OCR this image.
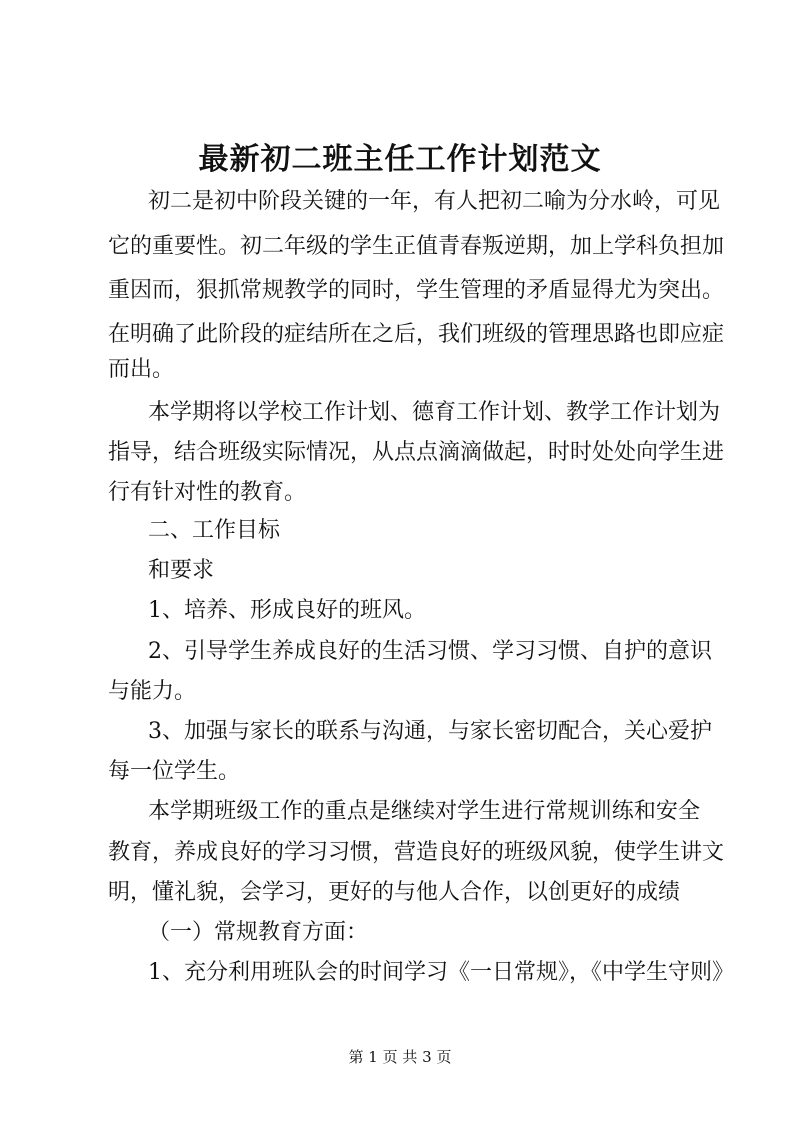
最新初二班主任工作计划范文
初二是初中阶段关键的一年，有人把初二喻为分水岭，可见
它的重要性。初二年级的学生正值青春叛逆期，加上学科负担加
重因而，狠抓常规教学的同时，学生管理的矛盾显得尤为突出。
在明确了此阶段的症结所在之后，我们班级的管理思路也即应症
而出。
本学期将以学校工作计划、德育工作计划、教学工作计划为
指导，结合班级实际情况，从点点滴滴做起，时时处处向学生进
行有针对性的教育。
二、工作目标
和要求
1、培养、形成良好的班风。
2、引导学生养成良好的生活习惯、学习习惯、自护的意识
与能力。
3、加强与家长的联系与沟通，与家长密切配合，关心爱护
每一位学生。
本学期班级工作的重点是继续对学生进行常规训练和安全
教育，养成良好的学习习惯，营造良好的班级风貌，使学生讲文
明，懂礼貌，会学习，更好的与他人合作，以创更好的成绩
（一）常规教育方面：
1、充分利用班队会的时间学习《一日常规》，《中学生守则》
第 1 页 共 3 页
